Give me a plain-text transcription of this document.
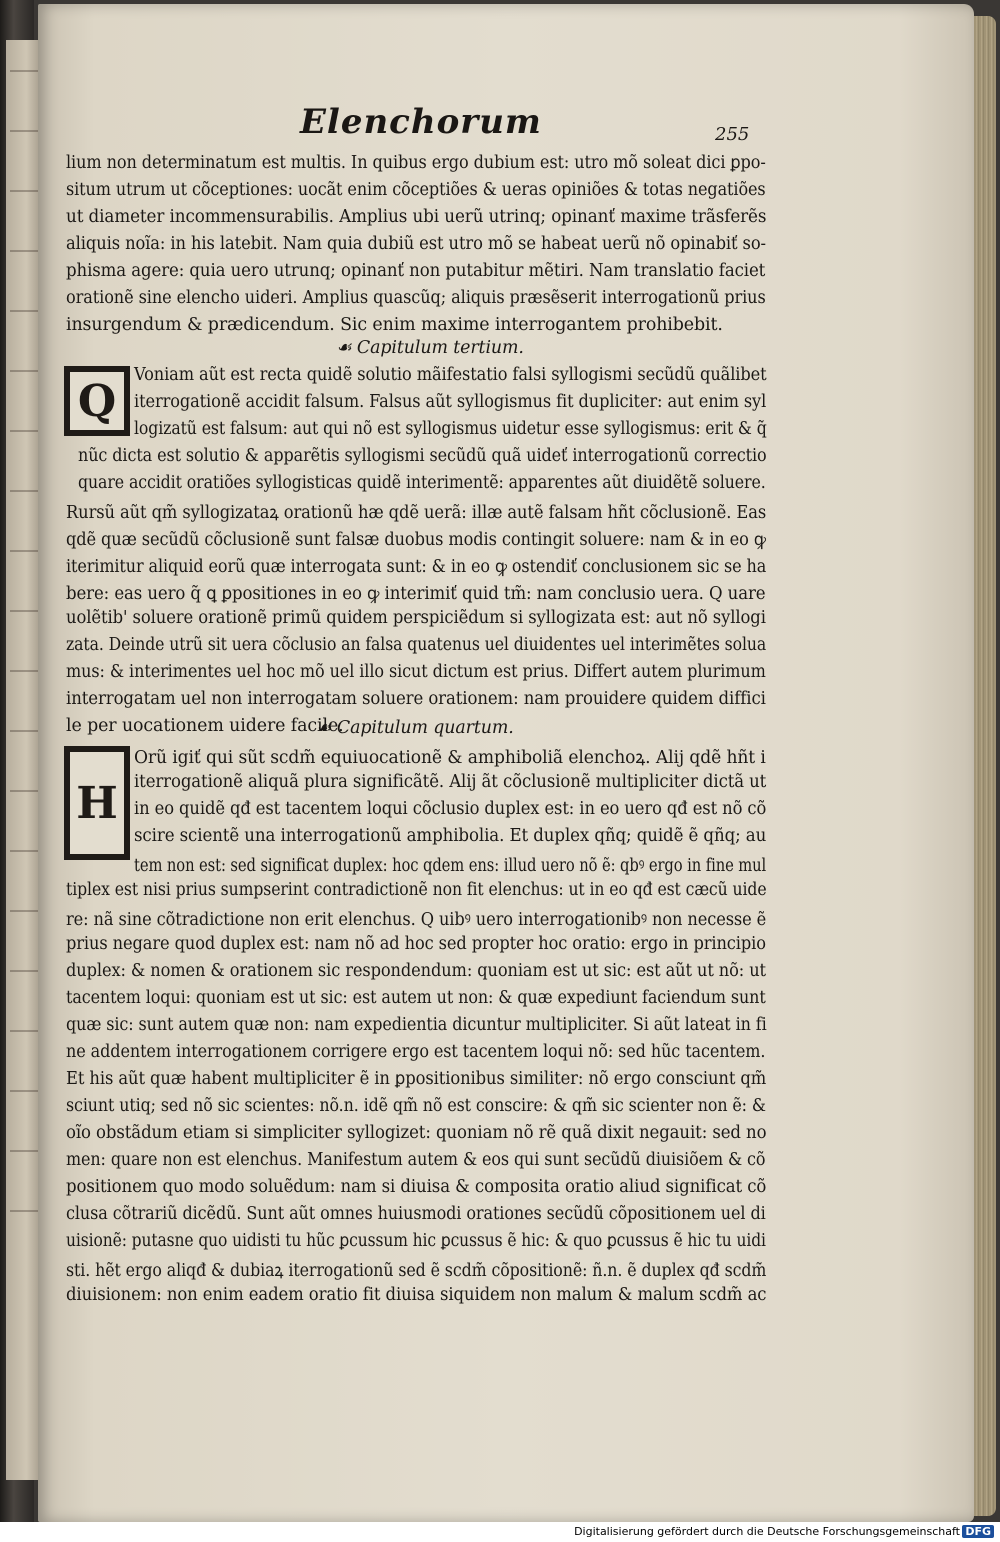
Elenchorum	255
Q
H
lium non determinatum est multis. In quibus ergo dubium est: utro mõ soleat dici ꝑpo-
situm utrum ut cõceptiones: uocãt enim cõceptiões & ueras opiniões & totas negatiões
ut diameter incommensurabilis. Amplius ubi uerũ utrinq; opinanť maxime trãsferẽs
aliquis noĩa: in his latebit. Nam quia dubiũ est utro mõ se habeat uerũ nõ opinabiť so-
phisma agere: quia uero utrunq; opinanť non putabitur mẽtiri. Nam translatio faciet
orationẽ sine elencho uideri. Amplius quascũq; aliquis præsẽserit interrogationũ prius
insurgendum & prædicendum. Sic enim maxime interrogantem prohibebit.
☙ Capitulum tertium.
Voniam aũt est recta quidẽ solutio mãifestatio falsi syllogismi secũdũ quãlibet
iterrogationẽ accidit falsum. Falsus aũt syllogismus fit dupliciter: aut enim syl
logizatũ est falsum: aut qui nõ est syllogismus uidetur esse syllogismus: erit & q̃
nũc dicta est solutio & apparẽtis syllogismi secũdũ quã uideť interrogationũ correctio
quare accidit oratiões syllogisticas quidẽ interimentẽ: apparentes aũt diuidẽtẽ soluere.
Rursũ aũt qm̃ syllogizataꝝ orationũ hæ qdẽ uerã: illæ autẽ falsam hñt cõclusionẽ. Eas
qdẽ quæ secũdũ cõclusionẽ sunt falsæ duobus modis contingit soluere: nam & in eo ꝙ
iterimitur aliquid eorũ quæ interrogata sunt: & in eo ꝙ ostendiť conclusionem sic se ha
bere: eas uero q̃ ꝗ ꝑpositiones in eo ꝙ interimiť quid tm̃: nam conclusio uera. Q uare
uolẽtib' soluere orationẽ primũ quidem perspiciẽdum si syllogizata est: aut nõ syllogi
zata. Deinde utrũ sit uera cõclusio an falsa quatenus uel diuidentes uel interimẽtes solua
mus: & interimentes uel hoc mõ uel illo sicut dictum est prius. Differt autem plurimum
interrogatam uel non interrogatam soluere orationem: nam prouidere quidem diffici
le per uocationem uidere facile.
☙ Capitulum quartum.
Orũ igiť qui sũt scdm̃ equiuocationẽ & amphiboliã elenchoꝝ. Alij qdẽ hñt i
iterrogationẽ aliquã plura significãtẽ. Alij ãt cõclusionẽ multipliciter dictã ut
in eo quidẽ qđ est tacentem loqui cõclusio duplex est: in eo uero qđ est nõ cõ
scire scientẽ una interrogationũ amphibolia. Et duplex qñq; quidẽ ẽ qñq; au
tem non est: sed significat duplex: hoc qdem ens: illud uero nõ ẽ: qbꝰ ergo in fine mul
tiplex est nisi prius sumpserint contradictionẽ non fit elenchus: ut in eo qđ est cæcũ uide
re: nã sine cõtradictione non erit elenchus. Q uibꝰ uero interrogationibꝰ non necesse ẽ
prius negare quod duplex est: nam nõ ad hoc sed propter hoc oratio: ergo in principio
duplex: & nomen & orationem sic respondendum: quoniam est ut sic: est aũt ut nõ: ut
tacentem loqui: quoniam est ut sic: est autem ut non: & quæ expediunt faciendum sunt
quæ sic: sunt autem quæ non: nam expedientia dicuntur multipliciter. Si aũt lateat in fi
ne addentem interrogationem corrigere ergo est tacentem loqui nõ: sed hũc tacentem.
Et his aũt quæ habent multipliciter ẽ in ꝑpositionibus similiter: nõ ergo consciunt qm̃
sciunt utiq; sed nõ sic scientes: nõ.n. idẽ qm̃ nõ est conscire: & qm̃ sic scienter non ẽ: &
oĩo obstãdum etiam si simpliciter syllogizet: quoniam nõ rẽ quã dixit negauit: sed no
men: quare non est elenchus. Manifestum autem & eos qui sunt secũdũ diuisiõem & cõ
positionem quo modo soluẽdum: nam si diuisa & composita oratio aliud significat cõ
clusa cõtrariũ dicẽdũ. Sunt aũt omnes huiusmodi orationes secũdũ cõpositionem uel di
uisionẽ: putasne quo uidisti tu hũc ꝑcussum hic ꝑcussus ẽ hic: & quo ꝑcussus ẽ hic tu uidi
sti. hẽt ergo aliqđ & dubiaꝝ iterrogationũ sed ẽ scdm̃ cõpositionẽ: ñ.n. ẽ duplex qđ scdm̃
diuisionem: non enim eadem oratio fit diuisa siquidem non malum & malum scdm̃ ac
Digitalisierung gefördert durch die Deutsche Forschungsgemeinschaft DFG
